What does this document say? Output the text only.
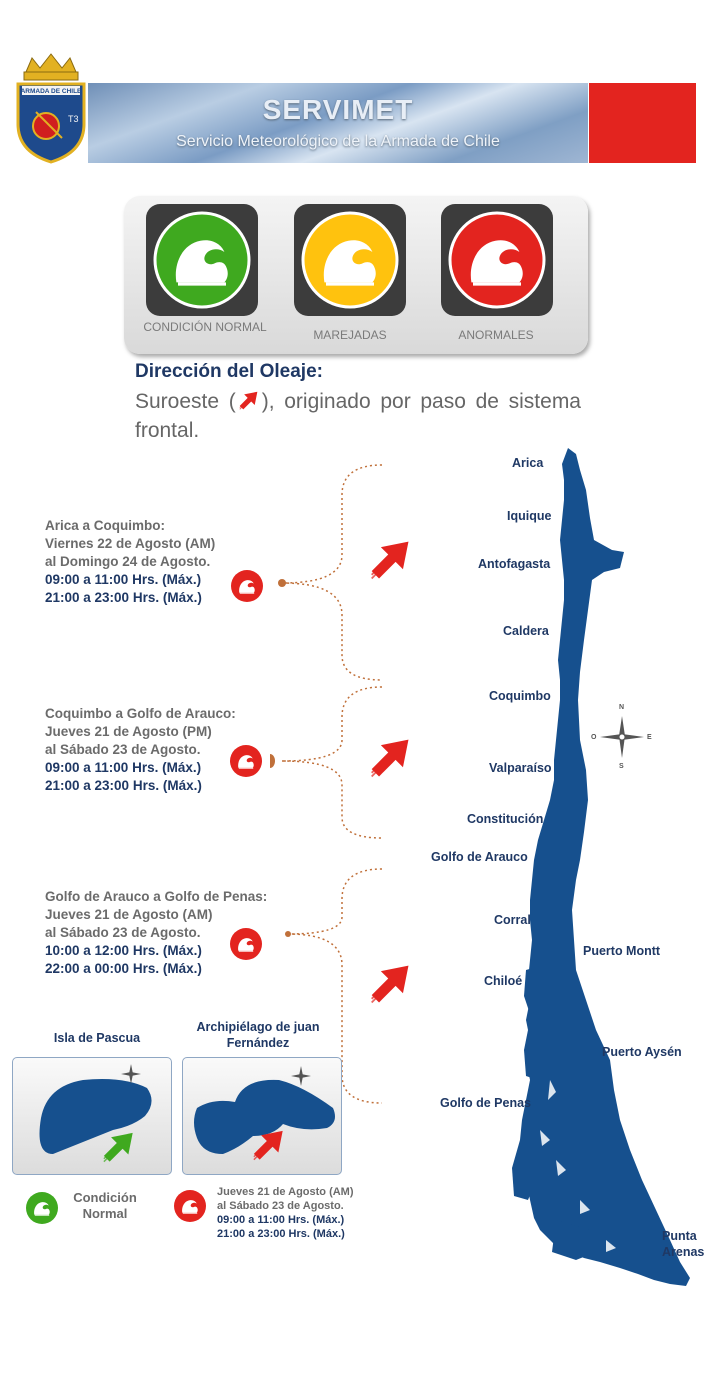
ARMADA DE CHILE
T3	SERVIMET
Servicio Meteorológico de la Armada de Chile
CONDICIÓN NORMAL
MAREJADAS	ANORMALES
Dirección del Oleaje:
Suroeste ( ), originado por paso de sistema frontal.
N
S
E
O
Arica
Iquique
Antofagasta
Caldera
Coquimbo
Valparaíso
Constitución
Golfo de Arauco
Corral
Puerto Montt
Chiloé
Puerto Aysén
Golfo de Penas
Punta
Arenas
Arica a Coquimbo:
Viernes 22 de Agosto (AM)
al Domingo 24 de Agosto.
09:00 a 11:00 Hrs. (Máx.)
21:00 a 23:00 Hrs. (Máx.)
Coquimbo a Golfo de Arauco:
Jueves 21 de Agosto (PM)
al Sábado 23 de Agosto.
09:00 a 11:00 Hrs. (Máx.)
21:00 a 23:00 Hrs. (Máx.)
Golfo de Arauco a Golfo de Penas:
Jueves 21 de Agosto (AM)
al Sábado 23 de Agosto.
10:00 a 12:00 Hrs. (Máx.)
22:00 a 00:00 Hrs. (Máx.)
Isla de Pascua
Archipiélago de juan Fernández
Condición Normal
Jueves 21 de Agosto (AM)
al Sábado 23 de Agosto.
09:00 a 11:00 Hrs. (Máx.)
21:00 a 23:00 Hrs. (Máx.)
